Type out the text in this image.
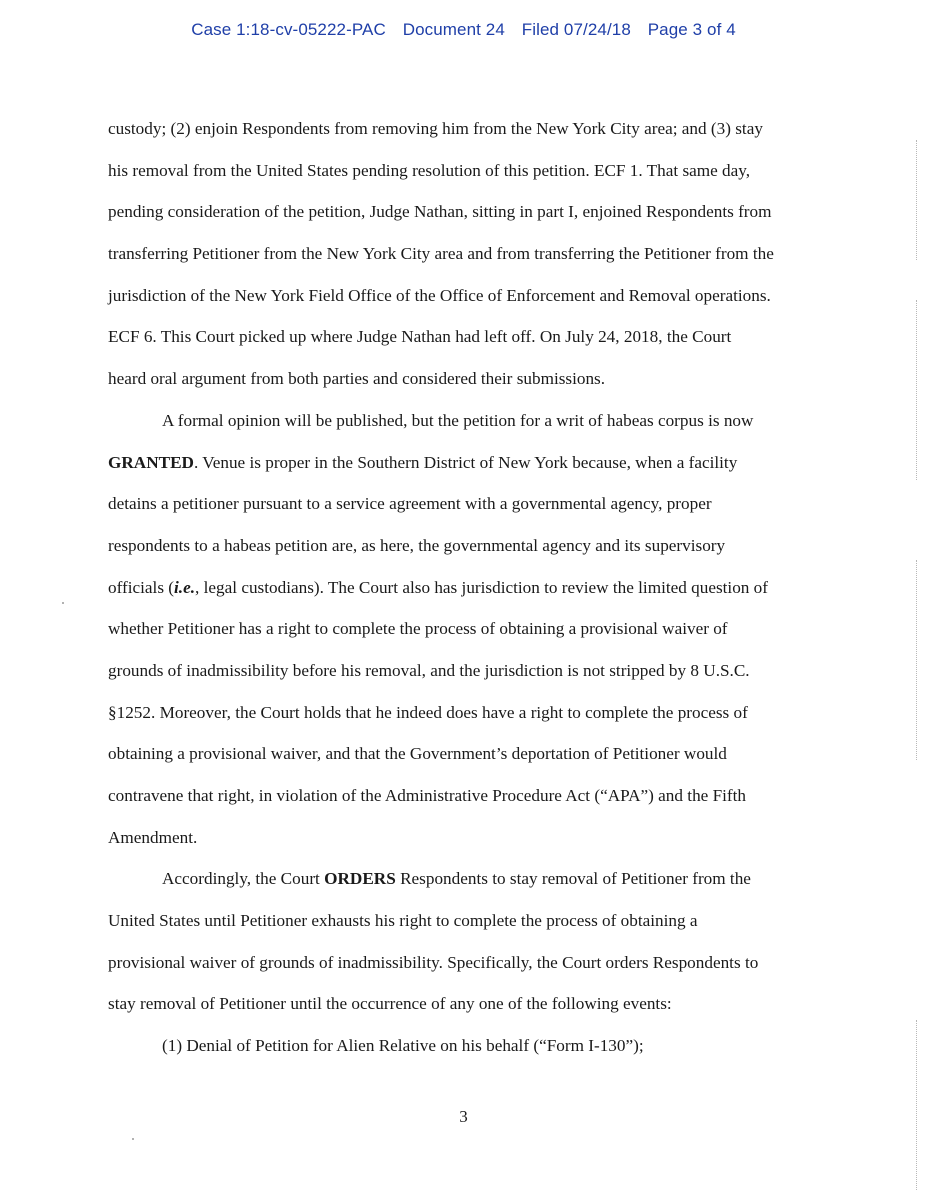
Case 1:18-cv-05222-PAC Document 24 Filed 07/24/18 Page 3 of 4
custody; (2) enjoin Respondents from removing him from the New York City area; and (3) stay
his removal from the United States pending resolution of this petition. ECF 1. That same day,
pending consideration of the petition, Judge Nathan, sitting in part I, enjoined Respondents from
transferring Petitioner from the New York City area and from transferring the Petitioner from the
jurisdiction of the New York Field Office of the Office of Enforcement and Removal operations.
ECF 6. This Court picked up where Judge Nathan had left off. On July 24, 2018, the Court
heard oral argument from both parties and considered their submissions.
A formal opinion will be published, but the petition for a writ of habeas corpus is now
GRANTED. Venue is proper in the Southern District of New York because, when a facility
detains a petitioner pursuant to a service agreement with a governmental agency, proper
respondents to a habeas petition are, as here, the governmental agency and its supervisory
officials (i.e., legal custodians). The Court also has jurisdiction to review the limited question of
whether Petitioner has a right to complete the process of obtaining a provisional waiver of
grounds of inadmissibility before his removal, and the jurisdiction is not stripped by 8 U.S.C.
§1252. Moreover, the Court holds that he indeed does have a right to complete the process of
obtaining a provisional waiver, and that the Government’s deportation of Petitioner would
contravene that right, in violation of the Administrative Procedure Act (“APA”) and the Fifth
Amendment.
Accordingly, the Court ORDERS Respondents to stay removal of Petitioner from the
United States until Petitioner exhausts his right to complete the process of obtaining a
provisional waiver of grounds of inadmissibility. Specifically, the Court orders Respondents to
stay removal of Petitioner until the occurrence of any one of the following events:
(1) Denial of Petition for Alien Relative on his behalf (“Form I-130”);
3
